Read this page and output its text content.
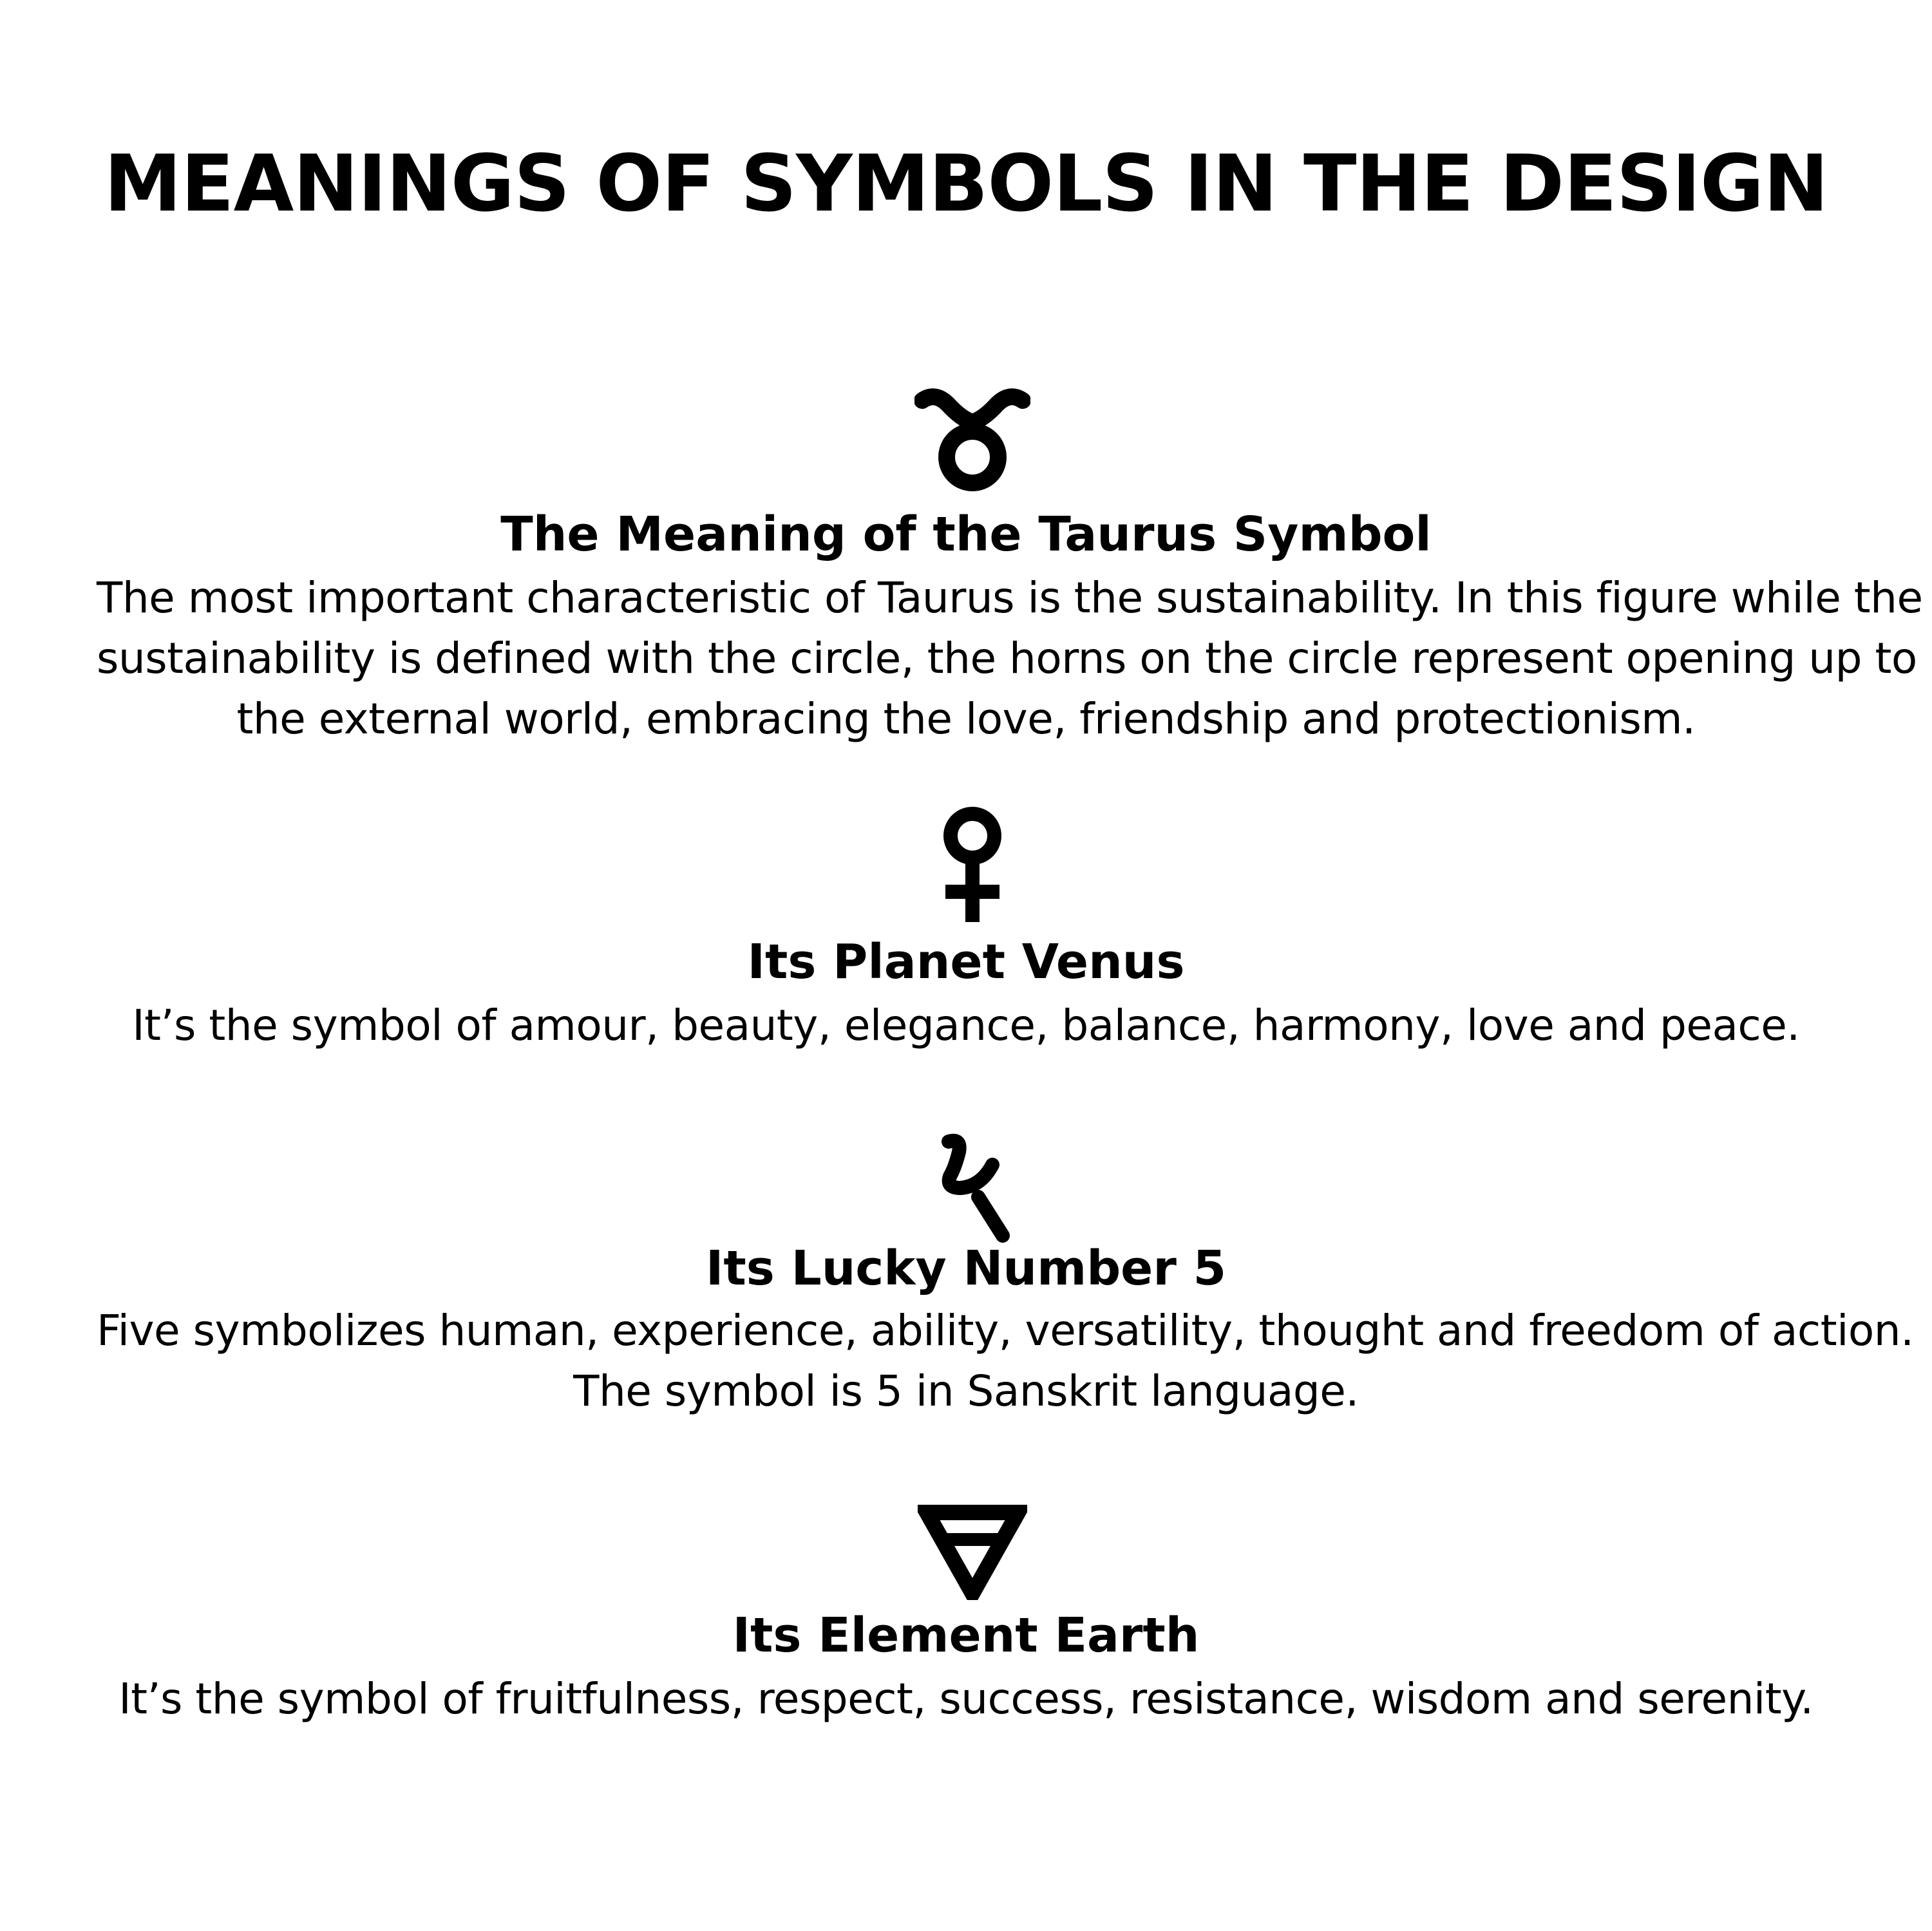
MEANINGS OF SYMBOLS IN THE DESIGN
The Meaning of the Taurus Symbol
The most important characteristic of Taurus is the sustainability. In this figure while the
sustainability is defined with the circle, the horns on the circle represent opening up to
the external world, embracing the love, friendship and protectionism.
Its Planet Venus
It’s the symbol of amour, beauty, elegance, balance, harmony, love and peace.
Its Lucky Number 5
Five symbolizes human, experience, ability, versatility, thought and freedom of action.
The symbol is 5 in Sanskrit language.
Its Element Earth
It’s the symbol of fruitfulness, respect, success, resistance, wisdom and serenity.
